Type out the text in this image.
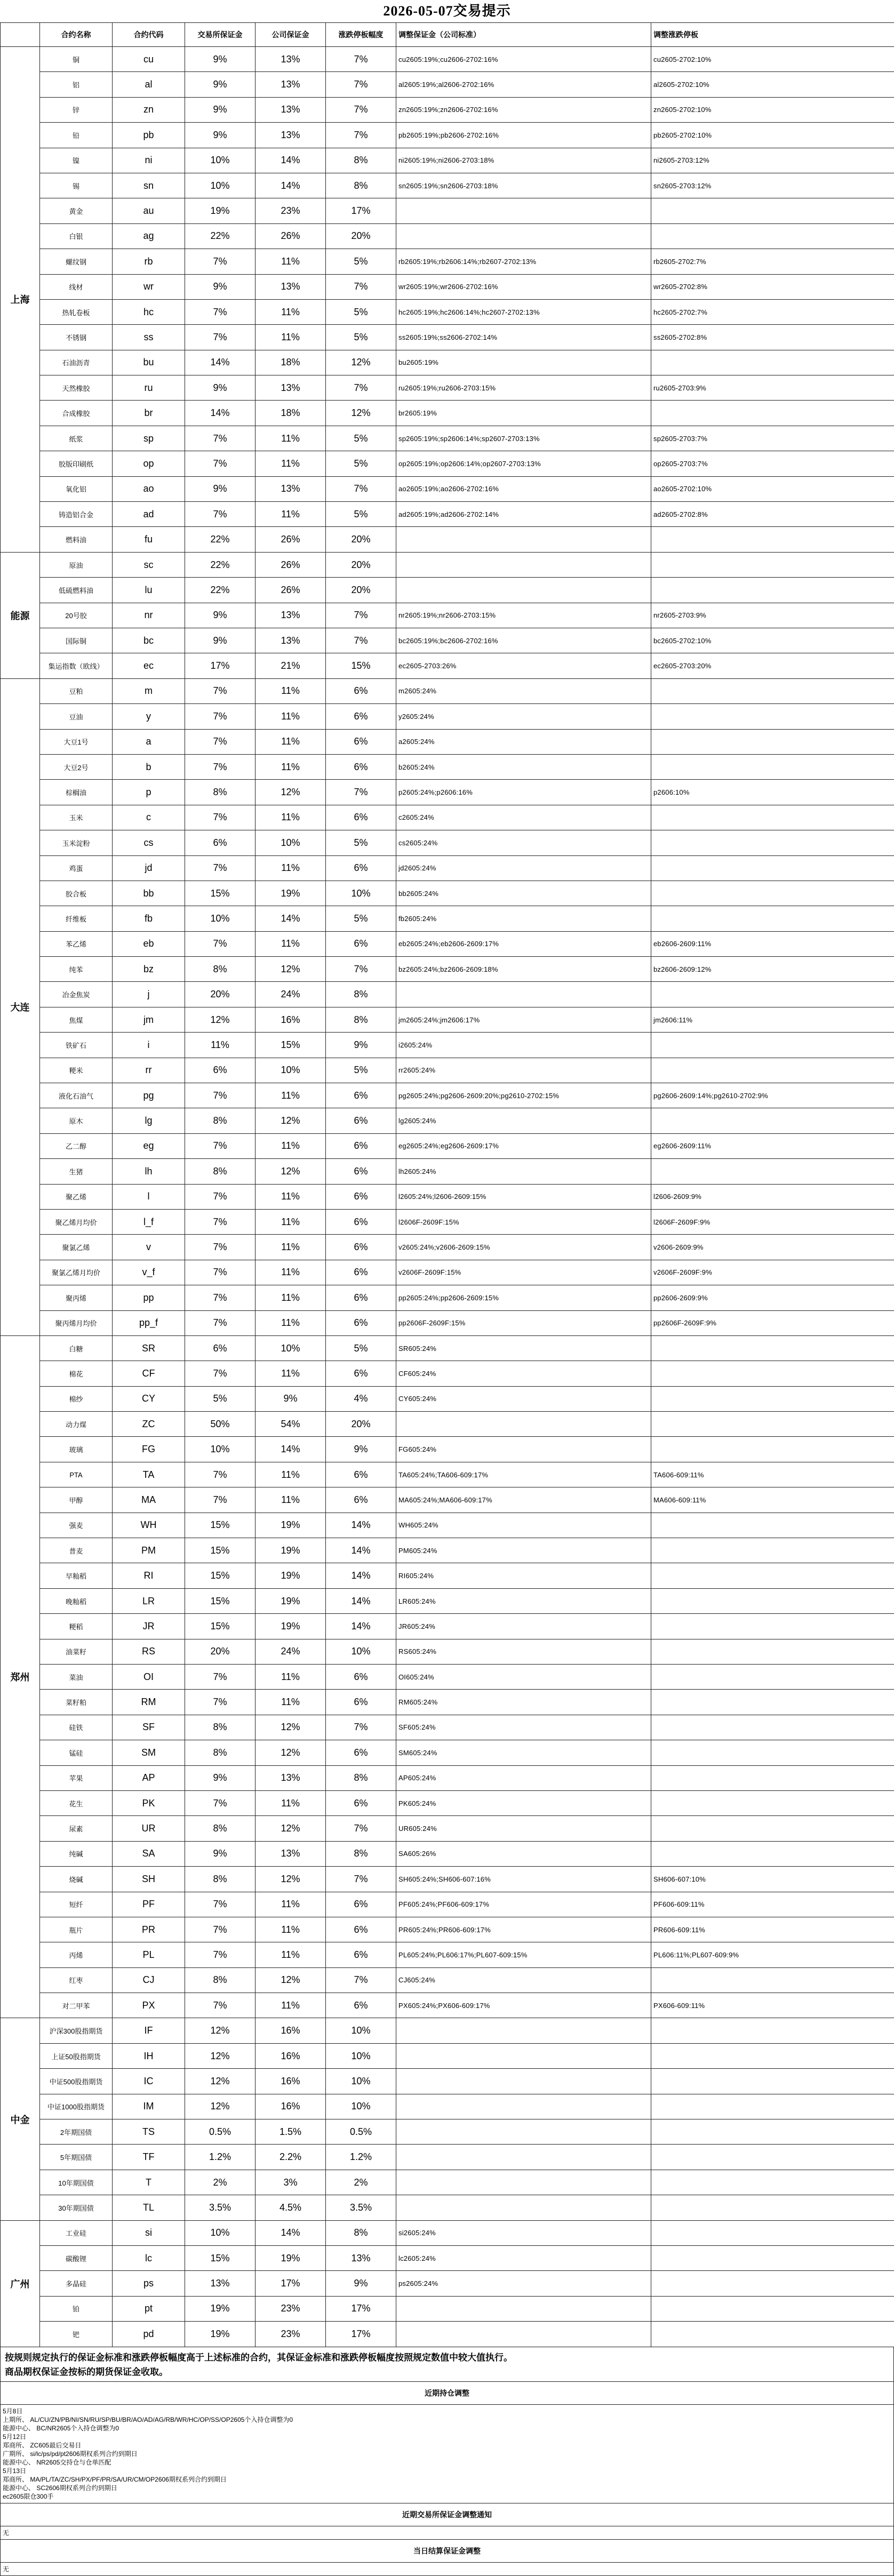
2026-05-07交易提示
	合约名称	合约代码	交易所保证金	公司保证金	涨跌停板幅度	调整保证金（公司标准）	调整涨跌停板
上海	铜	cu	9%	13%	7%	cu2605:19%;cu2606-2702:16%	cu2605-2702:10%
	铝	al	9%	13%	7%	al2605:19%;al2606-2702:16%	al2605-2702:10%
	锌	zn	9%	13%	7%	zn2605:19%;zn2606-2702:16%	zn2605-2702:10%
	铅	pb	9%	13%	7%	pb2605:19%;pb2606-2702:16%	pb2605-2702:10%
	镍	ni	10%	14%	8%	ni2605:19%;ni2606-2703:18%	ni2605-2703:12%
	锡	sn	10%	14%	8%	sn2605:19%;sn2606-2703:18%	sn2605-2703:12%
	黄金	au	19%	23%	17%		
	白银	ag	22%	26%	20%		
	螺纹钢	rb	7%	11%	5%	rb2605:19%;rb2606:14%;rb2607-2702:13%	rb2605-2702:7%
	线材	wr	9%	13%	7%	wr2605:19%;wr2606-2702:16%	wr2605-2702:8%
	热轧卷板	hc	7%	11%	5%	hc2605:19%;hc2606:14%;hc2607-2702:13%	hc2605-2702:7%
	不锈钢	ss	7%	11%	5%	ss2605:19%;ss2606-2702:14%	ss2605-2702:8%
	石油沥青	bu	14%	18%	12%	bu2605:19%	
	天然橡胶	ru	9%	13%	7%	ru2605:19%;ru2606-2703:15%	ru2605-2703:9%
	合成橡胶	br	14%	18%	12%	br2605:19%	
	纸浆	sp	7%	11%	5%	sp2605:19%;sp2606:14%;sp2607-2703:13%	sp2605-2703:7%
	胶版印刷纸	op	7%	11%	5%	op2605:19%;op2606:14%;op2607-2703:13%	op2605-2703:7%
	氧化铝	ao	9%	13%	7%	ao2605:19%;ao2606-2702:16%	ao2605-2702:10%
	铸造铝合金	ad	7%	11%	5%	ad2605:19%;ad2606-2702:14%	ad2605-2702:8%
	燃料油	fu	22%	26%	20%		
能源	原油	sc	22%	26%	20%		
	低硫燃料油	lu	22%	26%	20%		
	20号胶	nr	9%	13%	7%	nr2605:19%;nr2606-2703:15%	nr2605-2703:9%
	国际铜	bc	9%	13%	7%	bc2605:19%;bc2606-2702:16%	bc2605-2702:10%
	集运指数（欧线）	ec	17%	21%	15%	ec2605-2703:26%	ec2605-2703:20%
大连	豆粕	m	7%	11%	6%	m2605:24%	
	豆油	y	7%	11%	6%	y2605:24%	
	大豆1号	a	7%	11%	6%	a2605:24%	
	大豆2号	b	7%	11%	6%	b2605:24%	
	棕榈油	p	8%	12%	7%	p2605:24%;p2606:16%	p2606:10%
	玉米	c	7%	11%	6%	c2605:24%	
	玉米淀粉	cs	6%	10%	5%	cs2605:24%	
	鸡蛋	jd	7%	11%	6%	jd2605:24%	
	胶合板	bb	15%	19%	10%	bb2605:24%	
	纤维板	fb	10%	14%	5%	fb2605:24%	
	苯乙烯	eb	7%	11%	6%	eb2605:24%;eb2606-2609:17%	eb2606-2609:11%
	纯苯	bz	8%	12%	7%	bz2605:24%;bz2606-2609:18%	bz2606-2609:12%
	冶金焦炭	j	20%	24%	8%		
	焦煤	jm	12%	16%	8%	jm2605:24%;jm2606:17%	jm2606:11%
	铁矿石	i	11%	15%	9%	i2605:24%	
	粳米	rr	6%	10%	5%	rr2605:24%	
	液化石油气	pg	7%	11%	6%	pg2605:24%;pg2606-2609:20%;pg2610-2702:15%	pg2606-2609:14%;pg2610-2702:9%
	原木	lg	8%	12%	6%	lg2605:24%	
	乙二醇	eg	7%	11%	6%	eg2605:24%;eg2606-2609:17%	eg2606-2609:11%
	生猪	lh	8%	12%	6%	lh2605:24%	
	聚乙烯	l	7%	11%	6%	l2605:24%;l2606-2609:15%	l2606-2609:9%
	聚乙烯月均价	l_f	7%	11%	6%	l2606F-2609F:15%	l2606F-2609F:9%
	聚氯乙烯	v	7%	11%	6%	v2605:24%;v2606-2609:15%	v2606-2609:9%
	聚氯乙烯月均价	v_f	7%	11%	6%	v2606F-2609F:15%	v2606F-2609F:9%
	聚丙烯	pp	7%	11%	6%	pp2605:24%;pp2606-2609:15%	pp2606-2609:9%
	聚丙烯月均价	pp_f	7%	11%	6%	pp2606F-2609F:15%	pp2606F-2609F:9%
郑州	白糖	SR	6%	10%	5%	SR605:24%	
	棉花	CF	7%	11%	6%	CF605:24%	
	棉纱	CY	5%	9%	4%	CY605:24%	
	动力煤	ZC	50%	54%	20%		
	玻璃	FG	10%	14%	9%	FG605:24%	
	PTA	TA	7%	11%	6%	TA605:24%;TA606-609:17%	TA606-609:11%
	甲醇	MA	7%	11%	6%	MA605:24%;MA606-609:17%	MA606-609:11%
	强麦	WH	15%	19%	14%	WH605:24%	
	普麦	PM	15%	19%	14%	PM605:24%	
	早籼稻	RI	15%	19%	14%	RI605:24%	
	晚籼稻	LR	15%	19%	14%	LR605:24%	
	粳稻	JR	15%	19%	14%	JR605:24%	
	油菜籽	RS	20%	24%	10%	RS605:24%	
	菜油	OI	7%	11%	6%	OI605:24%	
	菜籽粕	RM	7%	11%	6%	RM605:24%	
	硅铁	SF	8%	12%	7%	SF605:24%	
	锰硅	SM	8%	12%	6%	SM605:24%	
	苹果	AP	9%	13%	8%	AP605:24%	
	花生	PK	7%	11%	6%	PK605:24%	
	尿素	UR	8%	12%	7%	UR605:24%	
	纯碱	SA	9%	13%	8%	SA605:26%	
	烧碱	SH	8%	12%	7%	SH605:24%;SH606-607:16%	SH606-607:10%
	短纤	PF	7%	11%	6%	PF605:24%;PF606-609:17%	PF606-609:11%
	瓶片	PR	7%	11%	6%	PR605:24%;PR606-609:17%	PR606-609:11%
	丙烯	PL	7%	11%	6%	PL605:24%;PL606:17%;PL607-609:15%	PL606:11%;PL607-609:9%
	红枣	CJ	8%	12%	7%	CJ605:24%	
	对二甲苯	PX	7%	11%	6%	PX605:24%;PX606-609:17%	PX606-609:11%
中金	沪深300股指期货	IF	12%	16%	10%		
	上证50股指期货	IH	12%	16%	10%		
	中证500股指期货	IC	12%	16%	10%		
	中证1000股指期货	IM	12%	16%	10%		
	2年期国债	TS	0.5%	1.5%	0.5%		
	5年期国债	TF	1.2%	2.2%	1.2%		
	10年期国债	T	2%	3%	2%		
	30年期国债	TL	3.5%	4.5%	3.5%		
广州	工业硅	si	10%	14%	8%	si2605:24%	
	碳酸锂	lc	15%	19%	13%	lc2605:24%	
	多晶硅	ps	13%	17%	9%	ps2605:24%	
	铂	pt	19%	23%	17%		
	钯	pd	19%	23%	17%		
按规则规定执行的保证金标准和涨跌停板幅度高于上述标准的合约，其保证金标准和涨跌停板幅度按照规定数值中较大值执行。
商品期权保证金按标的期货保证金收取。
近期持仓调整
5月8日
上期所、 AL/CU/ZN/PB/NI/SN/RU/SP/BU/BR/AO/AD/AG/RB/WR/HC/OP/SS/OP2605个入持仓调整为0
能源中心、 BC/NR2605个入持仓调整为0
5月12日
郑商所、 ZC605最后交易日
广期所、 si/lc/ps/pd/pt2606期权系列合约到期日
能源中心、 NR2605交持仓与仓单匹配
5月13日
郑商所、 MA/PL/TA/ZC/SH/PX/PF/PR/SA/UR/CM/OP2606期权系列合约到期日
能源中心、 SC2606期权系列合约到期日
ec2605限仓300手
近期交易所保证金调整通知
无
当日结算保证金调整
无
